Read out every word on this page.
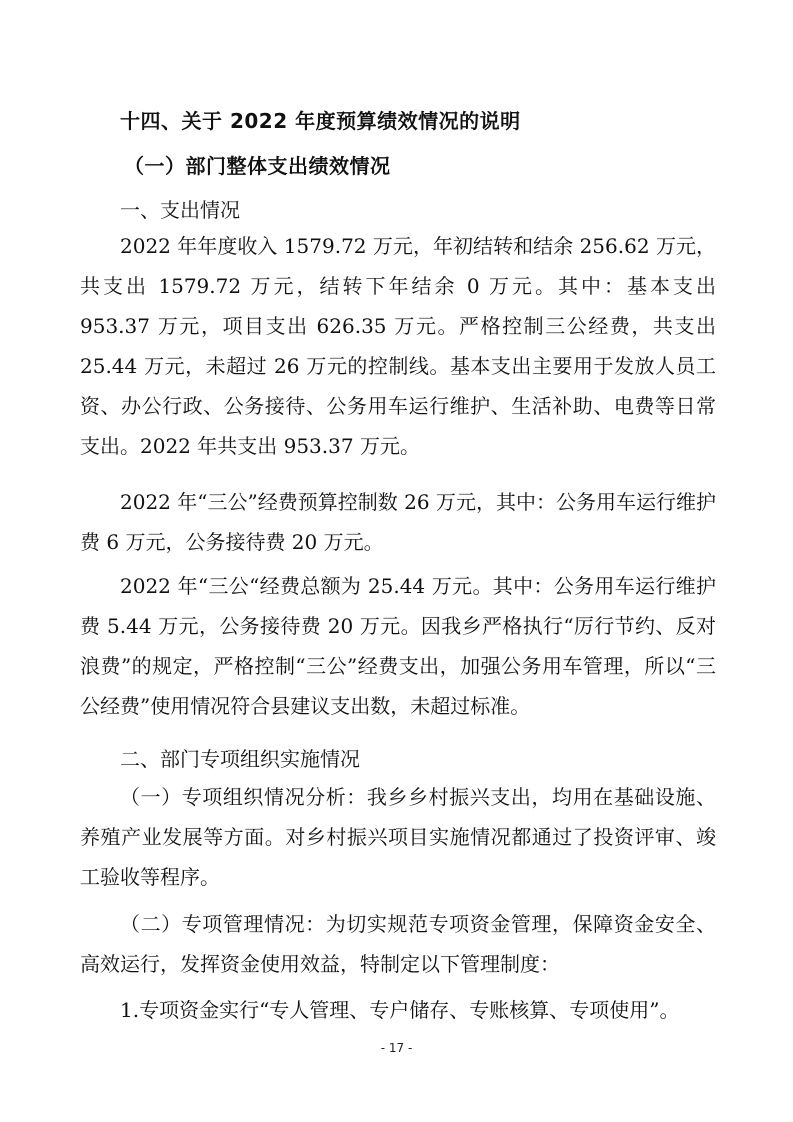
十四、关于 2022 年度预算绩效情况的说明
（一）部门整体支出绩效情况
一、支出情况

2022 年年度收入 1579.72 万元，年初结转和结余 256.62 万元，共支出 1579.72 万元，结转下年结余 0 万元。其中：基本支出 953.37 万元，项目支出 626.35 万元。严格控制三公经费，共支出 25.44 万元，未超过 26 万元的控制线。基本支出主要用于发放人员工资、办公行政、公务接待、公务用车运行维护、生活补助、电费等日常支出。2022 年共支出 953.37 万元。

2022 年“三公”经费预算控制数 26 万元，其中：公务用车运行维护费 6 万元，公务接待费 20 万元。

2022 年“三公“经费总额为 25.44 万元。其中：公务用车运行维护费 5.44 万元，公务接待费 20 万元。因我乡严格执行“厉行节约、反对浪费”的规定，严格控制“三公”经费支出，加强公务用车管理，所以“三公经费”使用情况符合县建议支出数，未超过标准。

二、部门专项组织实施情况

（一）专项组织情况分析：我乡乡村振兴支出，均用在基础设施、养殖产业发展等方面。对乡村振兴项目实施情况都通过了投资评审、竣工验收等程序。

（二）专项管理情况：为切实规范专项资金管理，保障资金安全、高效运行，发挥资金使用效益，特制定以下管理制度：

1.专项资金实行“专人管理、专户储存、专账核算、专项使用”。

- 17 -
